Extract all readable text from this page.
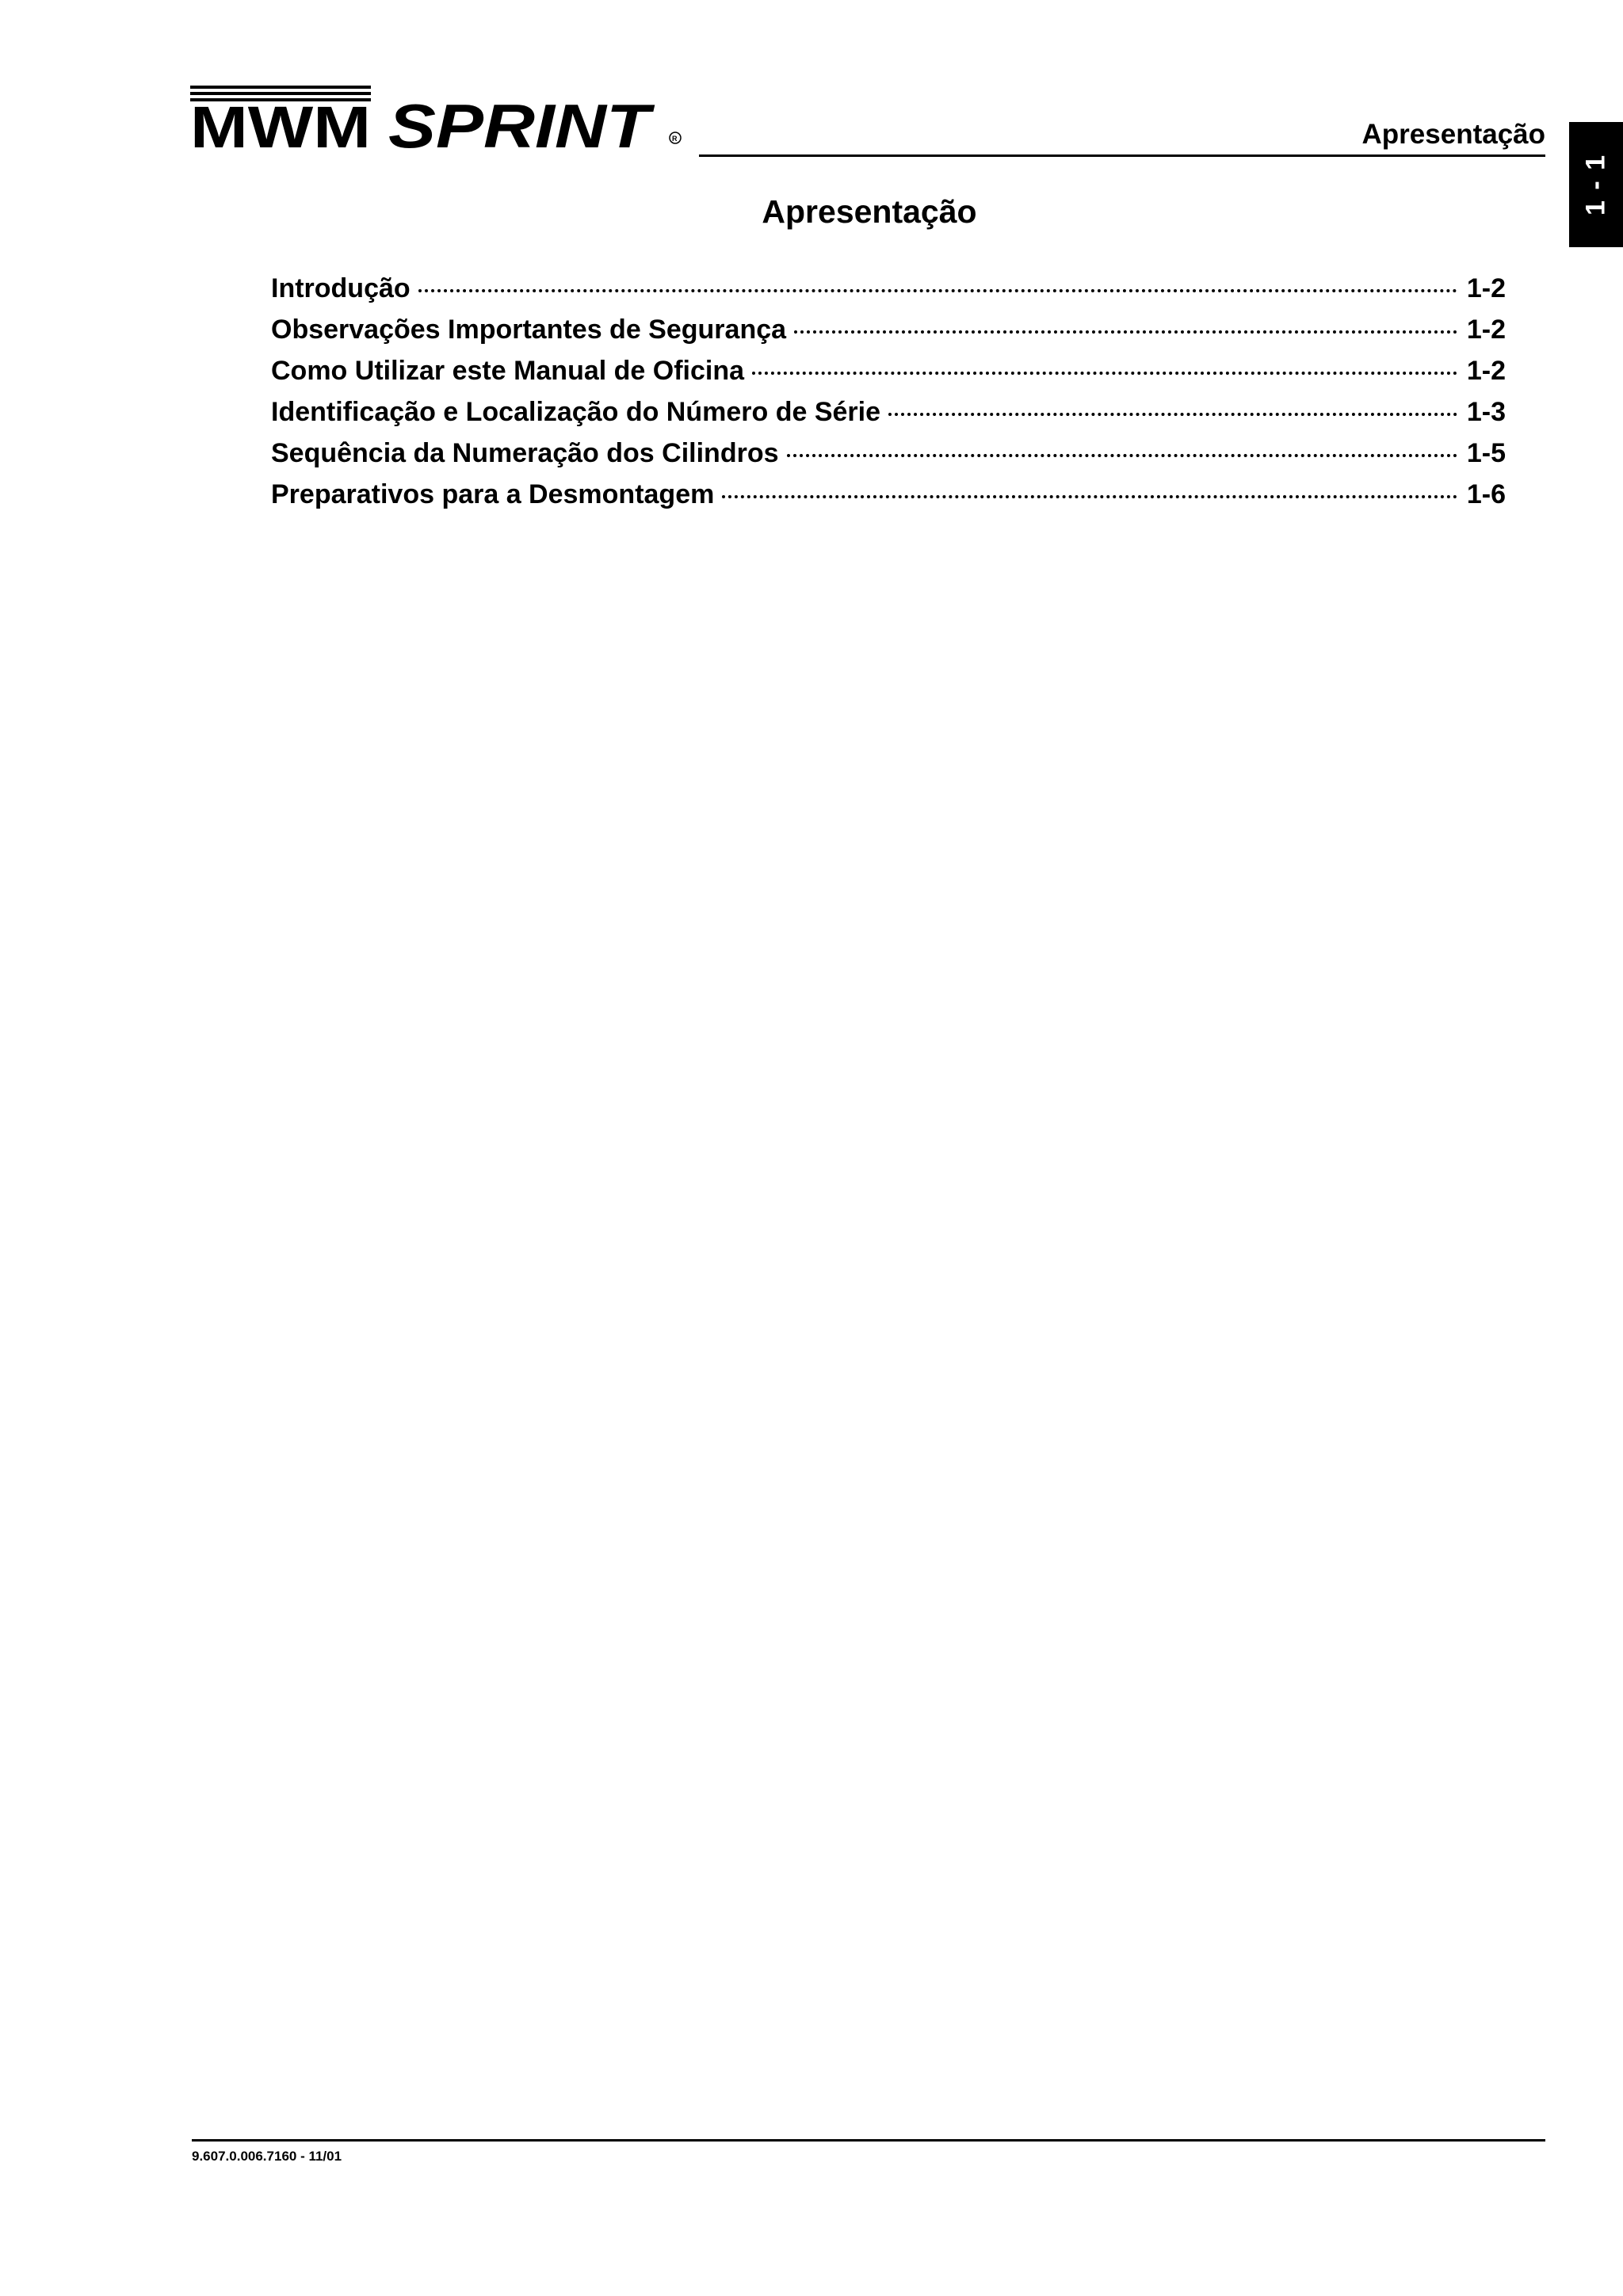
MWM SPRINT R	Apresentação
1 - 1
Apresentação
Introdução	1-2
Observações Importantes de Segurança	1-2
Como Utilizar este Manual de Oficina	1-2
Identificação e Localização do Número de Série	1-3
Sequência da Numeração dos Cilindros	1-5
Preparativos para a Desmontagem	1-6
9.607.0.006.7160 - 11/01
